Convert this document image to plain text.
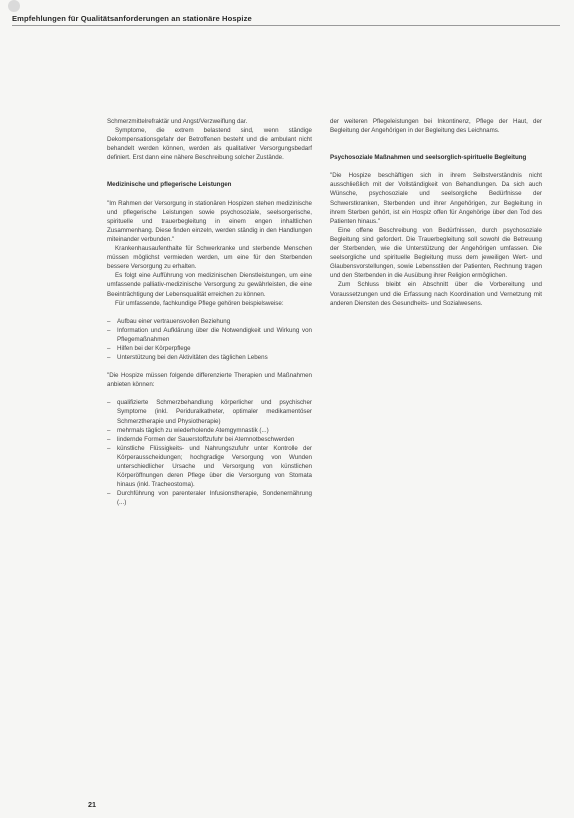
Empfehlungen für Qualitätsanforderungen an stationäre Hospize

Schmerzmittelrefraktär und Angst/Verzweiflung dar.

Symptome, die extrem belastend sind, wenn ständige Dekompensationsgefahr der Betroffenen besteht und die ambulant nicht behandelt werden können, werden als qualitativer Versorgungsbedarf definiert. Erst dann eine nähere Beschreibung solcher Zustände.

Medizinische und pflegerische Leistungen

"Im Rahmen der Versorgung in stationären Hospizen stehen medizinische und pflegerische Leistungen sowie psychosoziale, seelsorgerische, spirituelle und trauerbegleitung in einem engen inhaltlichen Zusammenhang. Diese finden einzeln, werden ständig in den Handlungen miteinander verbunden."

Krankenhausaufenthalte für Schwerkranke und sterbende Menschen müssen möglichst vermieden werden, um eine für den Sterbenden bessere Versorgung zu erhalten.

Es folgt eine Aufführung von medizinischen Dienstleistungen, um eine umfassende palliativ-medizinische Versorgung zu gewährleisten, die eine Beeinträchtigung der Lebensqualität erreichen zu können.

Für umfassende, fachkundige Pflege gehören beispielsweise:

– Aufbau einer vertrauensvollen Beziehung
– Information und Aufklärung über die Notwendigkeit und Wirkung von Pflegemaßnahmen
– Hilfen bei der Körperpflege
– Unterstützung bei den Aktivitäten des täglichen Lebens

"Die Hospize müssen folgende differenzierte Therapien und Maßnahmen anbieten können:

– qualifizierte Schmerzbehandlung körperlicher und psychischer Symptome (inkl. Periduralkatheter, optimaler medikamentöser Schmerztherapie und Physiotherapie)
– mehrmals täglich zu wiederholende Atemgymnastik (...)
– lindernde Formen der Sauerstoffzufuhr bei Atemnotbeschwerden
– künstliche Flüssigkeits- und Nahrungszufuhr unter Kontrolle der Körperausscheidungen; hochgradige Versorgung von Wunden unterschiedlicher Ursache und Versorgung von künstlichen Körperöffnungen deren Pflege über die Versorgung von Stomata hinaus (inkl. Tracheostoma).
– Durchführung von parenteraler Infusionstherapie, Sondenernährung (...)

der weiteren Pflegeleistungen bei Inkontinenz, Pflege der Haut, der Begleitung der Angehörigen in der Begleitung des Leichnams.

Psychosoziale Maßnahmen und seelsorglich-spirituelle Begleitung

"Die Hospize beschäftigen sich in ihrem Selbstverständnis nicht ausschließlich mit der Vollständigkeit von Behandlungen. Da sich auch Wünsche, psychosoziale und seelsorgliche Bedürfnisse der Schwerstkranken, Sterbenden und ihrer Angehörigen, zur Begleitung in ihrem Sterben gehört, ist ein Hospiz offen für Angehörige über den Tod des Patienten hinaus."

Eine offene Beschreibung von Bedürfnissen, durch psychosoziale Begleitung sind gefordert. Die Trauerbegleitung soll sowohl die Betreuung der Sterbenden, wie die Unterstützung der Angehörigen umfassen. Die seelsorgliche und spirituelle Begleitung muss dem jeweiligen Wert- und Glaubensvorstellungen, sowie Lebensstilen der Patienten, Rechnung tragen und den Sterbenden in die Ausübung ihrer Religion ermöglichen.

Zum Schluss bleibt ein Abschnitt über die Vorbereitung und Voraussetzungen und die Erfassung nach Koordination und Vernetzung mit anderen Diensten des Gesundheits- und Sozialwesens.

21
